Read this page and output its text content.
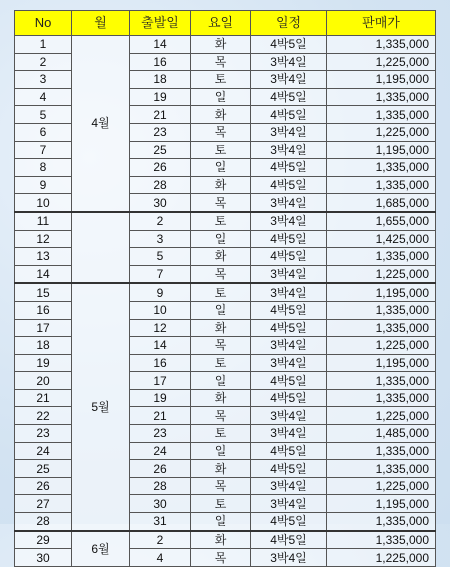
No	월	출발일	요일	일정	판매가
1	4월	14	화	4박5일	1,335,000
2		16	목	3박4일	1,225,000
3		18	토	3박4일	1,195,000
4		19	일	4박5일	1,335,000
5		21	화	4박5일	1,335,000
6		23	목	3박4일	1,225,000
7		25	토	3박4일	1,195,000
8		26	일	4박5일	1,335,000
9		28	화	4박5일	1,335,000
10		30	목	3박4일	1,685,000
11		2	토	3박4일	1,655,000
12		3	일	4박5일	1,425,000
13		5	화	4박5일	1,335,000
14		7	목	3박4일	1,225,000
15	5월	9	토	3박4일	1,195,000
16		10	일	4박5일	1,335,000
17		12	화	4박5일	1,335,000
18		14	목	3박4일	1,225,000
19		16	토	3박4일	1,195,000
20		17	일	4박5일	1,335,000
21		19	화	4박5일	1,335,000
22		21	목	3박4일	1,225,000
23		23	토	3박4일	1,485,000
24		24	일	4박5일	1,335,000
25		26	화	4박5일	1,335,000
26		28	목	3박4일	1,225,000
27		30	토	3박4일	1,195,000
28		31	일	4박5일	1,335,000
29	6월	2	화	4박5일	1,335,000
30		4	목	3박4일	1,225,000
